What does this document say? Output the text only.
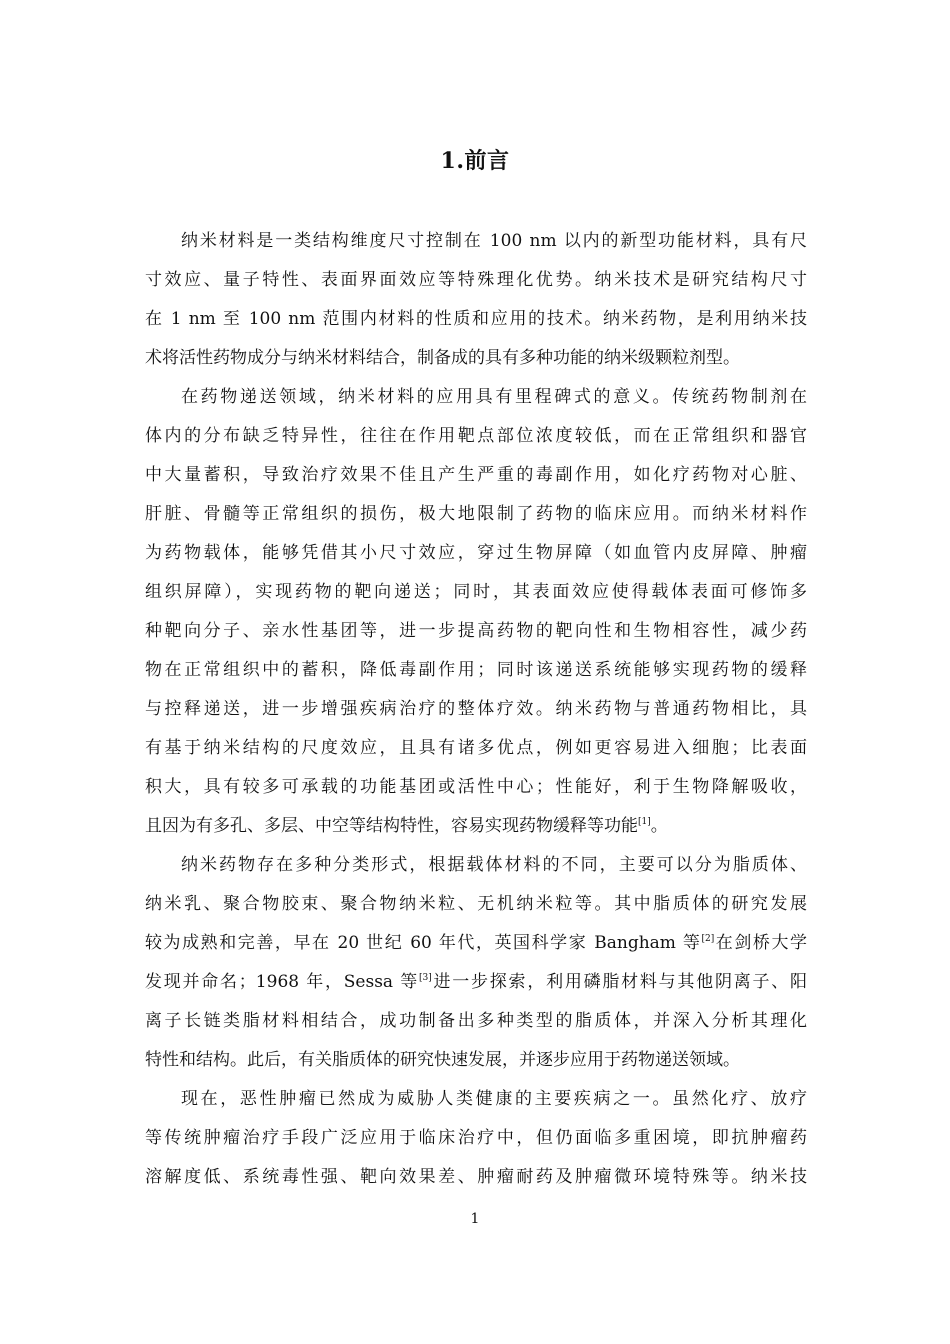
1.前言
纳米材料是一类结构维度尺寸控制在 100 nm 以内的新型功能材料，具有尺
寸效应、量子特性、表面界面效应等特殊理化优势。纳米技术是研究结构尺寸
在 1 nm 至 100 nm 范围内材料的性质和应用的技术。纳米药物，是利用纳米技
术将活性药物成分与纳米材料结合，制备成的具有多种功能的纳米级颗粒剂型。
在药物递送领域，纳米材料的应用具有里程碑式的意义。传统药物制剂在
体内的分布缺乏特异性，往往在作用靶点部位浓度较低，而在正常组织和器官
中大量蓄积，导致治疗效果不佳且产生严重的毒副作用，如化疗药物对心脏、
肝脏、骨髓等正常组织的损伤，极大地限制了药物的临床应用。而纳米材料作
为药物载体，能够凭借其小尺寸效应，穿过生物屏障（如血管内皮屏障、肿瘤
组织屏障），实现药物的靶向递送；同时，其表面效应使得载体表面可修饰多
种靶向分子、亲水性基团等，进一步提高药物的靶向性和生物相容性，减少药
物在正常组织中的蓄积，降低毒副作用；同时该递送系统能够实现药物的缓释
与控释递送，进一步增强疾病治疗的整体疗效。纳米药物与普通药物相比，具
有基于纳米结构的尺度效应，且具有诸多优点，例如更容易进入细胞；比表面
积大，具有较多可承载的功能基团或活性中心；性能好，利于生物降解吸收，
且因为有多孔、多层、中空等结构特性，容易实现药物缓释等功能[1]。
纳米药物存在多种分类形式，根据载体材料的不同，主要可以分为脂质体、
纳米乳、聚合物胶束、聚合物纳米粒、无机纳米粒等。其中脂质体的研究发展
较为成熟和完善，早在 20 世纪 60 年代，英国科学家 Bangham 等[2]在剑桥大学
发现并命名；1968 年，Sessa 等[3]进一步探索，利用磷脂材料与其他阴离子、阳
离子长链类脂材料相结合，成功制备出多种类型的脂质体，并深入分析其理化
特性和结构。此后，有关脂质体的研究快速发展，并逐步应用于药物递送领域。
现在，恶性肿瘤已然成为威胁人类健康的主要疾病之一。虽然化疗、放疗
等传统肿瘤治疗手段广泛应用于临床治疗中，但仍面临多重困境，即抗肿瘤药
溶解度低、系统毒性强、靶向效果差、肿瘤耐药及肿瘤微环境特殊等。纳米技
1
